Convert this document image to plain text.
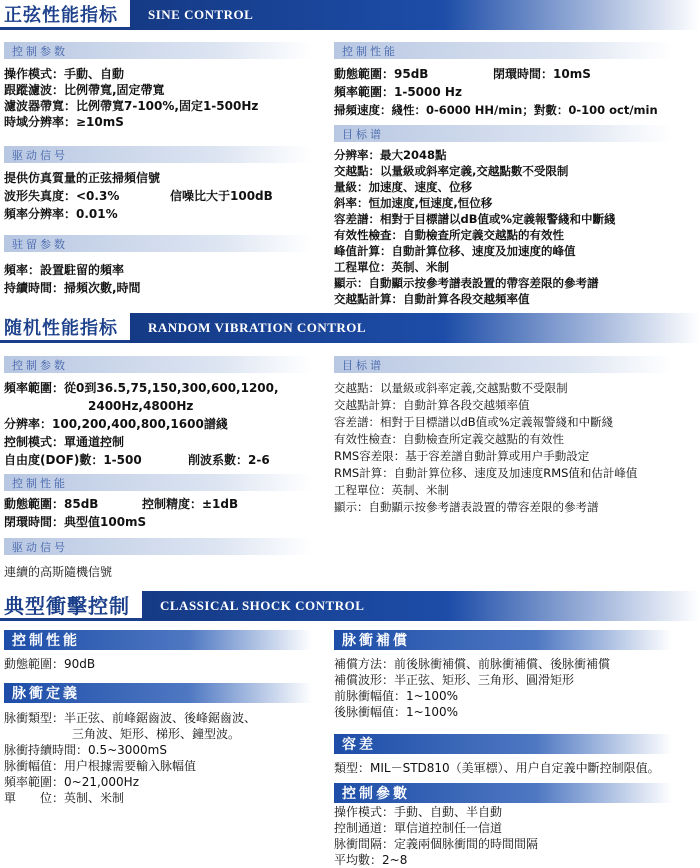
正弦性能指标	SINE CONTROL
控制参数
操作模式：手動、自動
跟蹤濾波：比例帶寬,固定帶寬
濾波器帶寬：比例帶寬7-100%,固定1-500Hz
時域分辨率：≥10mS
驱动信号
提供仿真質量的正弦掃頻信號
波形失真度：<0.3%	信噪比大于100dB
頻率分辨率：0.01%
驻留参数
頻率：設置駐留的頻率
持續時間：掃頻次數,時間
控制性能
動態範圍：95dB	閉環時間：10mS
頻率範圍：1-5000 Hz
掃頻速度：綫性：0-6000 HH/min；對數：0-100 oct/min
目标谱
分辨率：最大2048點
交越點：以量級或斜率定義,交越點數不受限制
量級：加速度、速度、位移
斜率：恒加速度,恒速度,恒位移
容差譜：相對于目標譜以dB值或%定義報警綫和中斷綫
有效性檢查：自動檢查所定義交越點的有效性
峰值計算：自動計算位移、速度及加速度的峰值
工程單位：英制、米制
顯示：自動顯示按參考譜表設置的帶容差限的參考譜
交越點計算：自動計算各段交越頻率值
随机性能指标	RANDOM VIBRATION CONTROL
控制参数
頻率範圍：從0到36.5,75,150,300,600,1200,
2400Hz,4800Hz
分辨率：100,200,400,800,1600譜綫
控制模式：單通道控制
自由度(DOF)數：1-500	削波系數：2-6
控制性能
動態範圍：85dB	控制精度：±1dB
閉環時間：典型值100mS
驱动信号
連續的高斯隨機信號
目标谱
交越點：以量級或斜率定義,交越點數不受限制
交越點計算：自動計算各段交越頻率值
容差譜：相對于目標譜以dB值或%定義報警綫和中斷綫
有效性檢查：自動檢查所定義交越點的有效性
RMS容差限：基于容差譜自動計算或用户手動設定
RMS計算：自動計算位移、速度及加速度RMS值和估計峰值
工程單位：英制、米制
顯示：自動顯示按參考譜表設置的帶容差限的參考譜
典型衝擊控制	CLASSICAL SHOCK CONTROL
控制性能
動態範圍：90dB
脉衝定義
脉衝類型：半正弦、前峰鋸齒波、後峰鋸齒波、
三角波、矩形、梯形、鐘型波。
脉衝持續時間：0.5~3000mS
脉衝幅值：用户根據需要輸入脉幅值
頻率範圍：0~21,000Hz
單　　位：英制、米制
脉衝補償
補償方法：前後脉衝補償、前脉衝補償、後脉衝補償
補償波形：半正弦、矩形、三角形、圓滑矩形
前脉衝幅值：1~100%
後脉衝幅值：1~100%
容差
類型：MIL－STD810（美軍標）、用户自定義中斷控制限值。
控制參數
操作模式：手動、自動、半自動
控制通道：單信道控制任一信道
脉衝間隔：定義兩個脉衝間的時間間隔
平均數：2~8
